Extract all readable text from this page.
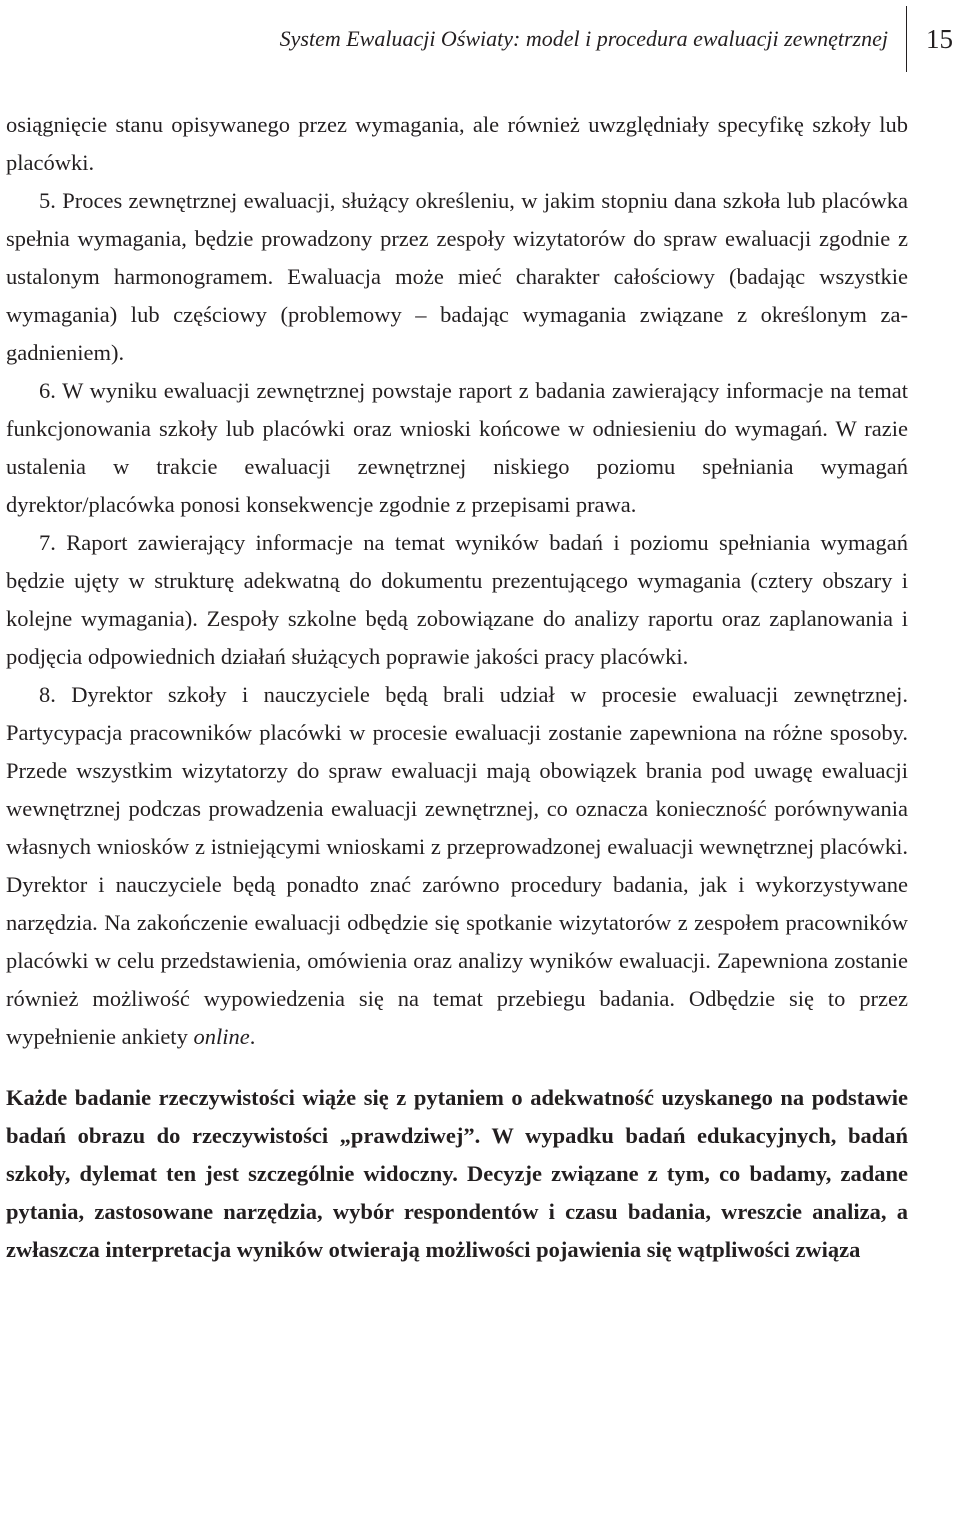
System Ewaluacji Oświaty: model i procedura ewaluacji zewnętrznej 15

osiągnięcie stanu opisywanego przez wymagania, ale również uwzględniały specyfikę szkoły lub placówki.

5. Proces zewnętrznej ewaluacji, służący określeniu, w jakim stopniu dana szkoła lub placówka spełnia wymagania, będzie prowadzony przez zespoły wizytatorów do spraw ewaluacji zgodnie z ustalonym harmonogramem. Ewaluacja może mieć charakter całościowy (badając wszystkie wymagania) lub częściowy (problemowy – badając wymagania związane z określonym zagadnieniem).

6. W wyniku ewaluacji zewnętrznej powstaje raport z badania zawierający informacje na temat funkcjonowania szkoły lub placówki oraz wnioski końcowe w odniesieniu do wymagań. W razie ustalenia w trakcie ewaluacji zewnętrznej niskiego poziomu spełniania wymagań dyrektor/placówka ponosi konsekwencje zgodnie z przepisami prawa.

7. Raport zawierający informacje na temat wyników badań i poziomu spełniania wymagań będzie ujęty w strukturę adekwatną do dokumentu prezentującego wymagania (cztery obszary i kolejne wymagania). Zespoły szkolne będą zobowiązane do analizy raportu oraz zaplanowania i podjęcia odpowiednich działań służących poprawie jakości pracy placówki.

8. Dyrektor szkoły i nauczyciele będą brali udział w procesie ewaluacji zewnętrznej. Partycypacja pracowników placówki w procesie ewaluacji zostanie zapewniona na różne sposoby. Przede wszystkim wizytatorzy do spraw ewaluacji mają obowiązek brania pod uwagę ewaluacji wewnętrznej podczas prowadzenia ewaluacji zewnętrznej, co oznacza konieczność porównywania własnych wniosków z istniejącymi wnioskami z przeprowadzonej ewaluacji wewnętrznej placówki. Dyrektor i nauczyciele będą ponadto znać zarówno procedury badania, jak i wykorzystywane narzędzia. Na zakończenie ewaluacji odbędzie się spotkanie wizytatorów z zespołem pracowników placówki w celu przedstawienia, omówienia oraz analizy wyników ewaluacji. Zapewniona zostanie również możliwość wypowiedzenia się na temat przebiegu badania. Odbędzie się to przez wypełnienie ankiety online.

Każde badanie rzeczywistości wiąże się z pytaniem o adekwatność uzyskanego na podstawie badań obrazu do rzeczywistości „prawdziwej”. W wypadku badań edukacyjnych, badań szkoły, dylemat ten jest szczególnie widoczny. Decyzje związane z tym, co badamy, zadane pytania, zastosowane narzędzia, wybór respondentów i czasu badania, wreszcie analiza, a zwłaszcza interpretacja wyników otwierają możliwości pojawienia się wątpliwości związa
